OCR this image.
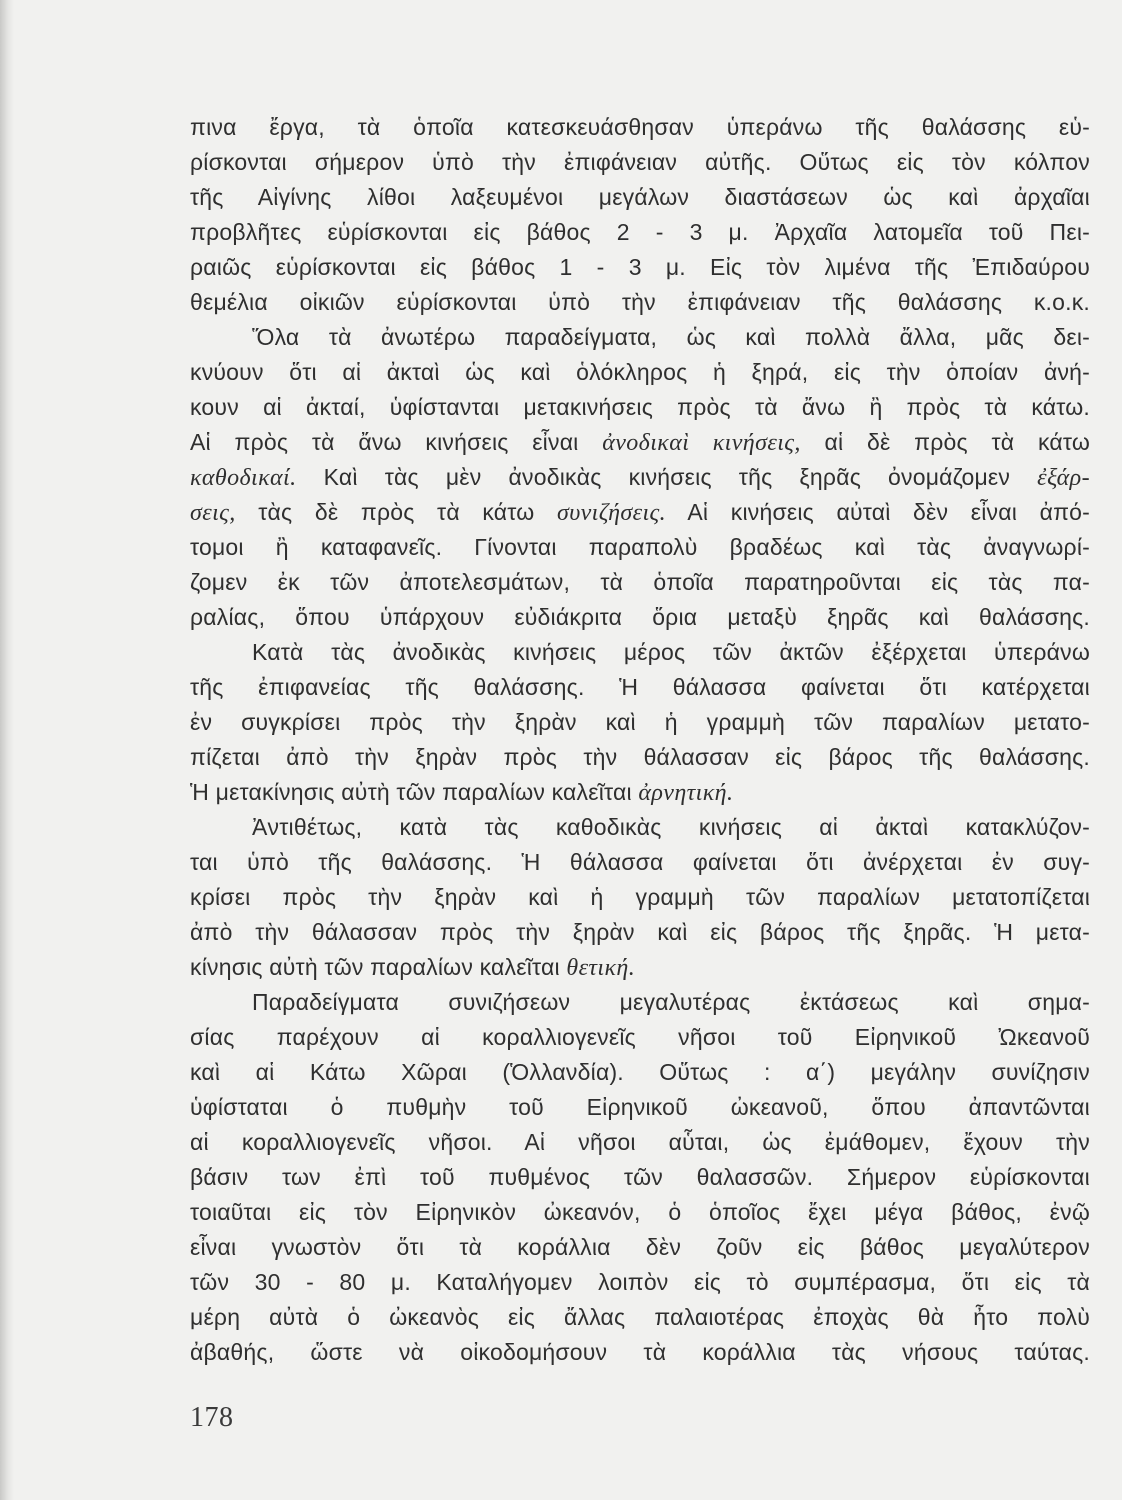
πινα ἔργα, τὰ ὁποῖα κατεσκευάσθησαν ὑπεράνω τῆς θαλάσσης εὑ-
ρίσκονται σήμερον ὑπὸ τὴν ἐπιφάνειαν αὐτῆς. Οὕτως εἰς τὸν κόλπον
τῆς Αἰγίνης λίθοι λαξευμένοι μεγάλων διαστάσεων ὡς καὶ ἀρχαῖαι
προβλῆτες εὑρίσκονται εἰς βάθος 2 - 3 μ. Ἀρχαῖα λατομεῖα τοῦ Πει-
ραιῶς εὑρίσκονται εἰς βάθος 1 - 3 μ. Εἰς τὸν λιμένα τῆς Ἐπιδαύρου
θεμέλια οἰκιῶν εὑρίσκονται ὑπὸ τὴν ἐπιφάνειαν τῆς θαλάσσης κ.ο.κ.
Ὅλα τὰ ἀνωτέρω παραδείγματα, ὡς καὶ πολλὰ ἄλλα, μᾶς δει-
κνύουν ὅτι αἱ ἀκταὶ ὡς καὶ ὁλόκληρος ἡ ξηρά, εἰς τὴν ὁποίαν ἀνή-
κουν αἱ ἀκταί, ὑφίστανται μετακινήσεις πρὸς τὰ ἄνω ἢ πρὸς τὰ κάτω.
Αἱ πρὸς τὰ ἄνω κινήσεις εἶναι ἀνοδικαὶ κινήσεις, αἱ δὲ πρὸς τὰ κάτω
καθοδικαί. Καὶ τὰς μὲν ἀνοδικὰς κινήσεις τῆς ξηρᾶς ὀνομάζομεν ἐξάρ-
σεις, τὰς δὲ πρὸς τὰ κάτω συνιζήσεις. Αἱ κινήσεις αὐταὶ δὲν εἶναι ἀπό-
τομοι ἢ καταφανεῖς. Γίνονται παραπολὺ βραδέως καὶ τὰς ἀναγνωρί-
ζομεν ἐκ τῶν ἀποτελεσμάτων, τὰ ὁποῖα παρατηροῦνται εἰς τὰς πα-
ραλίας, ὅπου ὑπάρχουν εὐδιάκριτα ὅρια μεταξὺ ξηρᾶς καὶ θαλάσσης.
Κατὰ τὰς ἀνοδικὰς κινήσεις μέρος τῶν ἀκτῶν ἐξέρχεται ὑπεράνω
τῆς ἐπιφανείας τῆς θαλάσσης. Ἡ θάλασσα φαίνεται ὅτι κατέρχεται
ἐν συγκρίσει πρὸς τὴν ξηρὰν καὶ ἡ γραμμὴ τῶν παραλίων μετατο-
πίζεται ἀπὸ τὴν ξηρὰν πρὸς τὴν θάλασσαν εἰς βάρος τῆς θαλάσσης.
Ἡ μετακίνησις αὐτὴ τῶν παραλίων καλεῖται ἀρνητική.
Ἀντιθέτως, κατὰ τὰς καθοδικὰς κινήσεις αἱ ἀκταὶ κατακλύζον-
ται ὑπὸ τῆς θαλάσσης. Ἡ θάλασσα φαίνεται ὅτι ἀνέρχεται ἐν συγ-
κρίσει πρὸς τὴν ξηρὰν καὶ ἡ γραμμὴ τῶν παραλίων μετατοπίζεται
ἀπὸ τὴν θάλασσαν πρὸς τὴν ξηρὰν καὶ εἰς βάρος τῆς ξηρᾶς. Ἡ μετα-
κίνησις αὐτὴ τῶν παραλίων καλεῖται θετική.
Παραδείγματα συνιζήσεων μεγαλυτέρας ἐκτάσεως καὶ σημα-
σίας παρέχουν αἱ κοραλλιογενεῖς νῆσοι τοῦ Εἰρηνικοῦ Ὠκεανοῦ
καὶ αἱ Κάτω Χῶραι (Ὁλλανδία). Οὕτως : α΄) μεγάλην συνίζησιν
ὑφίσταται ὁ πυθμὴν τοῦ Εἰρηνικοῦ ὠκεανοῦ, ὅπου ἀπαντῶνται
αἱ κοραλλιογενεῖς νῆσοι. Αἱ νῆσοι αὗται, ὡς ἐμάθομεν, ἔχουν τὴν
βάσιν των ἐπὶ τοῦ πυθμένος τῶν θαλασσῶν. Σήμερον εὑρίσκονται
τοιαῦται εἰς τὸν Εἰρηνικὸν ὠκεανόν, ὁ ὁποῖος ἔχει μέγα βάθος, ἐνῷ
εἶναι γνωστὸν ὅτι τὰ κοράλλια δὲν ζοῦν εἰς βάθος μεγαλύτερον
τῶν 30 - 80 μ. Καταλήγομεν λοιπὸν εἰς τὸ συμπέρασμα, ὅτι εἰς τὰ
μέρη αὐτὰ ὁ ὠκεανὸς εἰς ἄλλας παλαιοτέρας ἐποχὰς θὰ ἦτο πολὺ
ἀβαθής, ὥστε νὰ οἰκοδομήσουν τὰ κοράλλια τὰς νήσους ταύτας.
178
